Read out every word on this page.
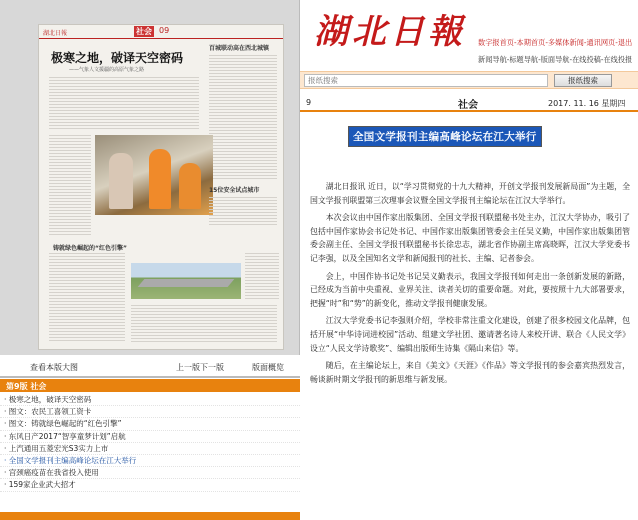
湖北日報	社会 09
极寒之地，破译天空密码
——气象人文援疆的高原气象之路
百城联动高在西北城镇
15位安全试点城市
铸就绿色崛起的“红色引擎”
查看本版大图	上一版 下一版	版面概览
第9版 社会
· 极寒之地，破译天空密码
· 图文：农民工喜领工资卡
· 图文：铸就绿色崛起的“红色引擎”
· 东风日产2017“智享童梦计划”启航
· 上汽通用五菱宏光S3实力上市
· 全国文学报刊主编高峰论坛在江大举行
· 宫颈癌疫苗在我省投入使用
· 159家企业武大招才
湖北日報	数字报首页-本期首页-多媒体新闻-通讯网页-退出
新闻导航-标题导航-版面导航-在线投稿-在线投报
报纸搜索
报纸搜索
9	社会	2017. 11. 16 星期四
全国文学报刊主编高峰论坛在江大举行

湖北日报讯 近日，以“学习贯彻党的十九大精神，开创文学报刊发展新局面”为主题，全国文学报刊联盟第三次理事会议暨全国文学报刊主编论坛在江汉大学举行。

本次会议由中国作家出版集团、全国文学报刊联盟秘书处主办，江汉大学协办，吸引了包括中国作家协会书记处书记、中国作家出版集团管委会主任吴义勤，中国作家出版集团管委会副主任、全国文学报刊联盟秘书长徐忠志，湖北省作协副主席高晓晖，江汉大学党委书记李强，以及全国知名文学和新闻报刊的社长、主编、记者参会。

会上，中国作协书记处书记吴义勤表示，我国文学报刊如何走出一条创新发展的新路，已经成为当前中央重视、业界关注、读者关切的重要命题。对此，要按照十九大部署要求，把握“时”和“势”的新变化，推动文学报刊健康发展。

江汉大学党委书记李强则介绍，学校非常注重文化建设，创建了很多校园文化品牌，包括开展“中华诗词进校园”活动、组建文学社团、邀请著名诗人来校开讲、联合《人民文学》设立“人民文学诗歌奖”、编辑出版师生诗集《隔山来信》等。

随后，在主编论坛上，来自《美文》《天涯》《作品》等文学报刊的参会嘉宾热烈发言，畅谈新时期文学报刊的新思维与新发展。
